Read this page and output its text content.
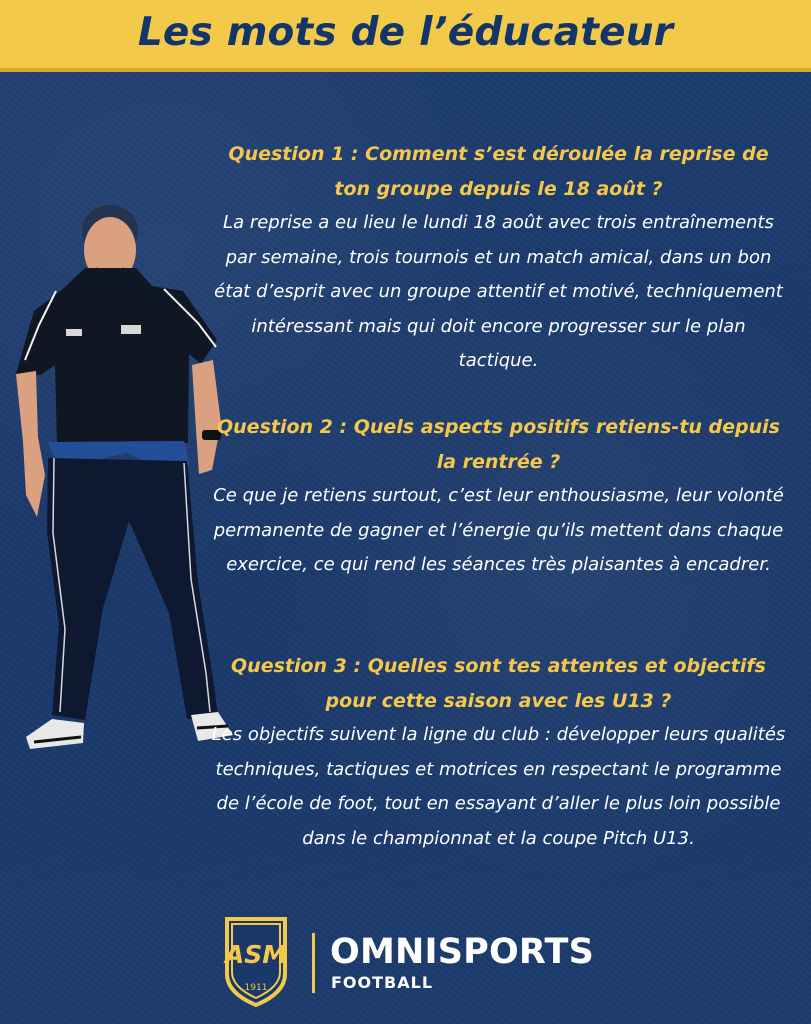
Les mots de l’éducateur

Question 1 : Comment s’est déroulée la reprise de ton groupe depuis le 18 août ?

La reprise a eu lieu le lundi 18 août avec trois entraînements par semaine, trois tournois et un match amical, dans un bon état d’esprit avec un groupe attentif et motivé, techniquement intéressant mais qui doit encore progresser sur le plan tactique.

Question 2 : Quels aspects positifs retiens-tu depuis la rentrée ?

Ce que je retiens surtout, c’est leur enthousiasme, leur volonté permanente de gagner et l’énergie qu’ils mettent dans chaque exercice, ce qui rend les séances très plaisantes à encadrer.

Question 3 : Quelles sont tes attentes et objectifs pour cette saison avec les U13 ?

Les objectifs suivent la ligne du club : développer leurs qualités techniques, tactiques et motrices en respectant le programme de l’école de foot, tout en essayant d’aller le plus loin possible dans le championnat et la coupe Pitch U13.

ASM
1911
OMNISPORTS
FOOTBALL
